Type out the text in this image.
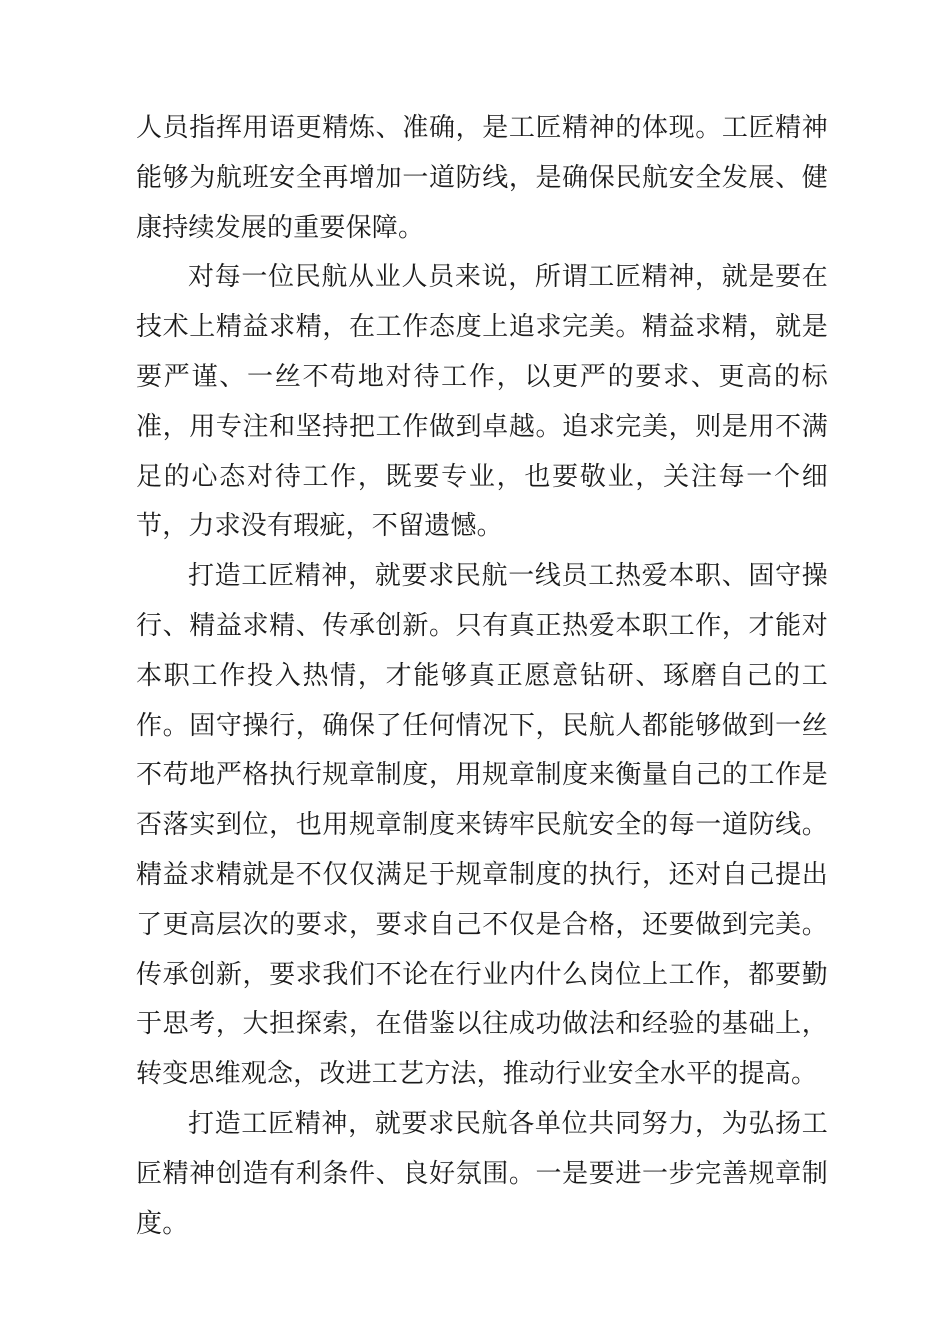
人员指挥用语更精炼、准确，是工匠精神的体现。工匠精神能够为航班安全再增加一道防线，是确保民航安全发展、健康持续发展的重要保障。

对每一位民航从业人员来说，所谓工匠精神，就是要在技术上精益求精，在工作态度上追求完美。精益求精，就是要严谨、一丝不苟地对待工作，以更严的要求、更高的标准，用专注和坚持把工作做到卓越。追求完美，则是用不满足的心态对待工作，既要专业，也要敬业，关注每一个细节，力求没有瑕疵，不留遗憾。

打造工匠精神，就要求民航一线员工热爱本职、固守操行、精益求精、传承创新。只有真正热爱本职工作，才能对本职工作投入热情，才能够真正愿意钻研、琢磨自己的工作。固守操行，确保了任何情况下，民航人都能够做到一丝不苟地严格执行规章制度，用规章制度来衡量自己的工作是否落实到位，也用规章制度来铸牢民航安全的每一道防线。精益求精就是不仅仅满足于规章制度的执行，还对自己提出了更高层次的要求，要求自己不仅是合格，还要做到完美。传承创新，要求我们不论在行业内什么岗位上工作，都要勤于思考，大担探索，在借鉴以往成功做法和经验的基础上，转变思维观念，改进工艺方法，推动行业安全水平的提高。

打造工匠精神，就要求民航各单位共同努力，为弘扬工匠精神创造有利条件、良好氛围。一是要进一步完善规章制度。
